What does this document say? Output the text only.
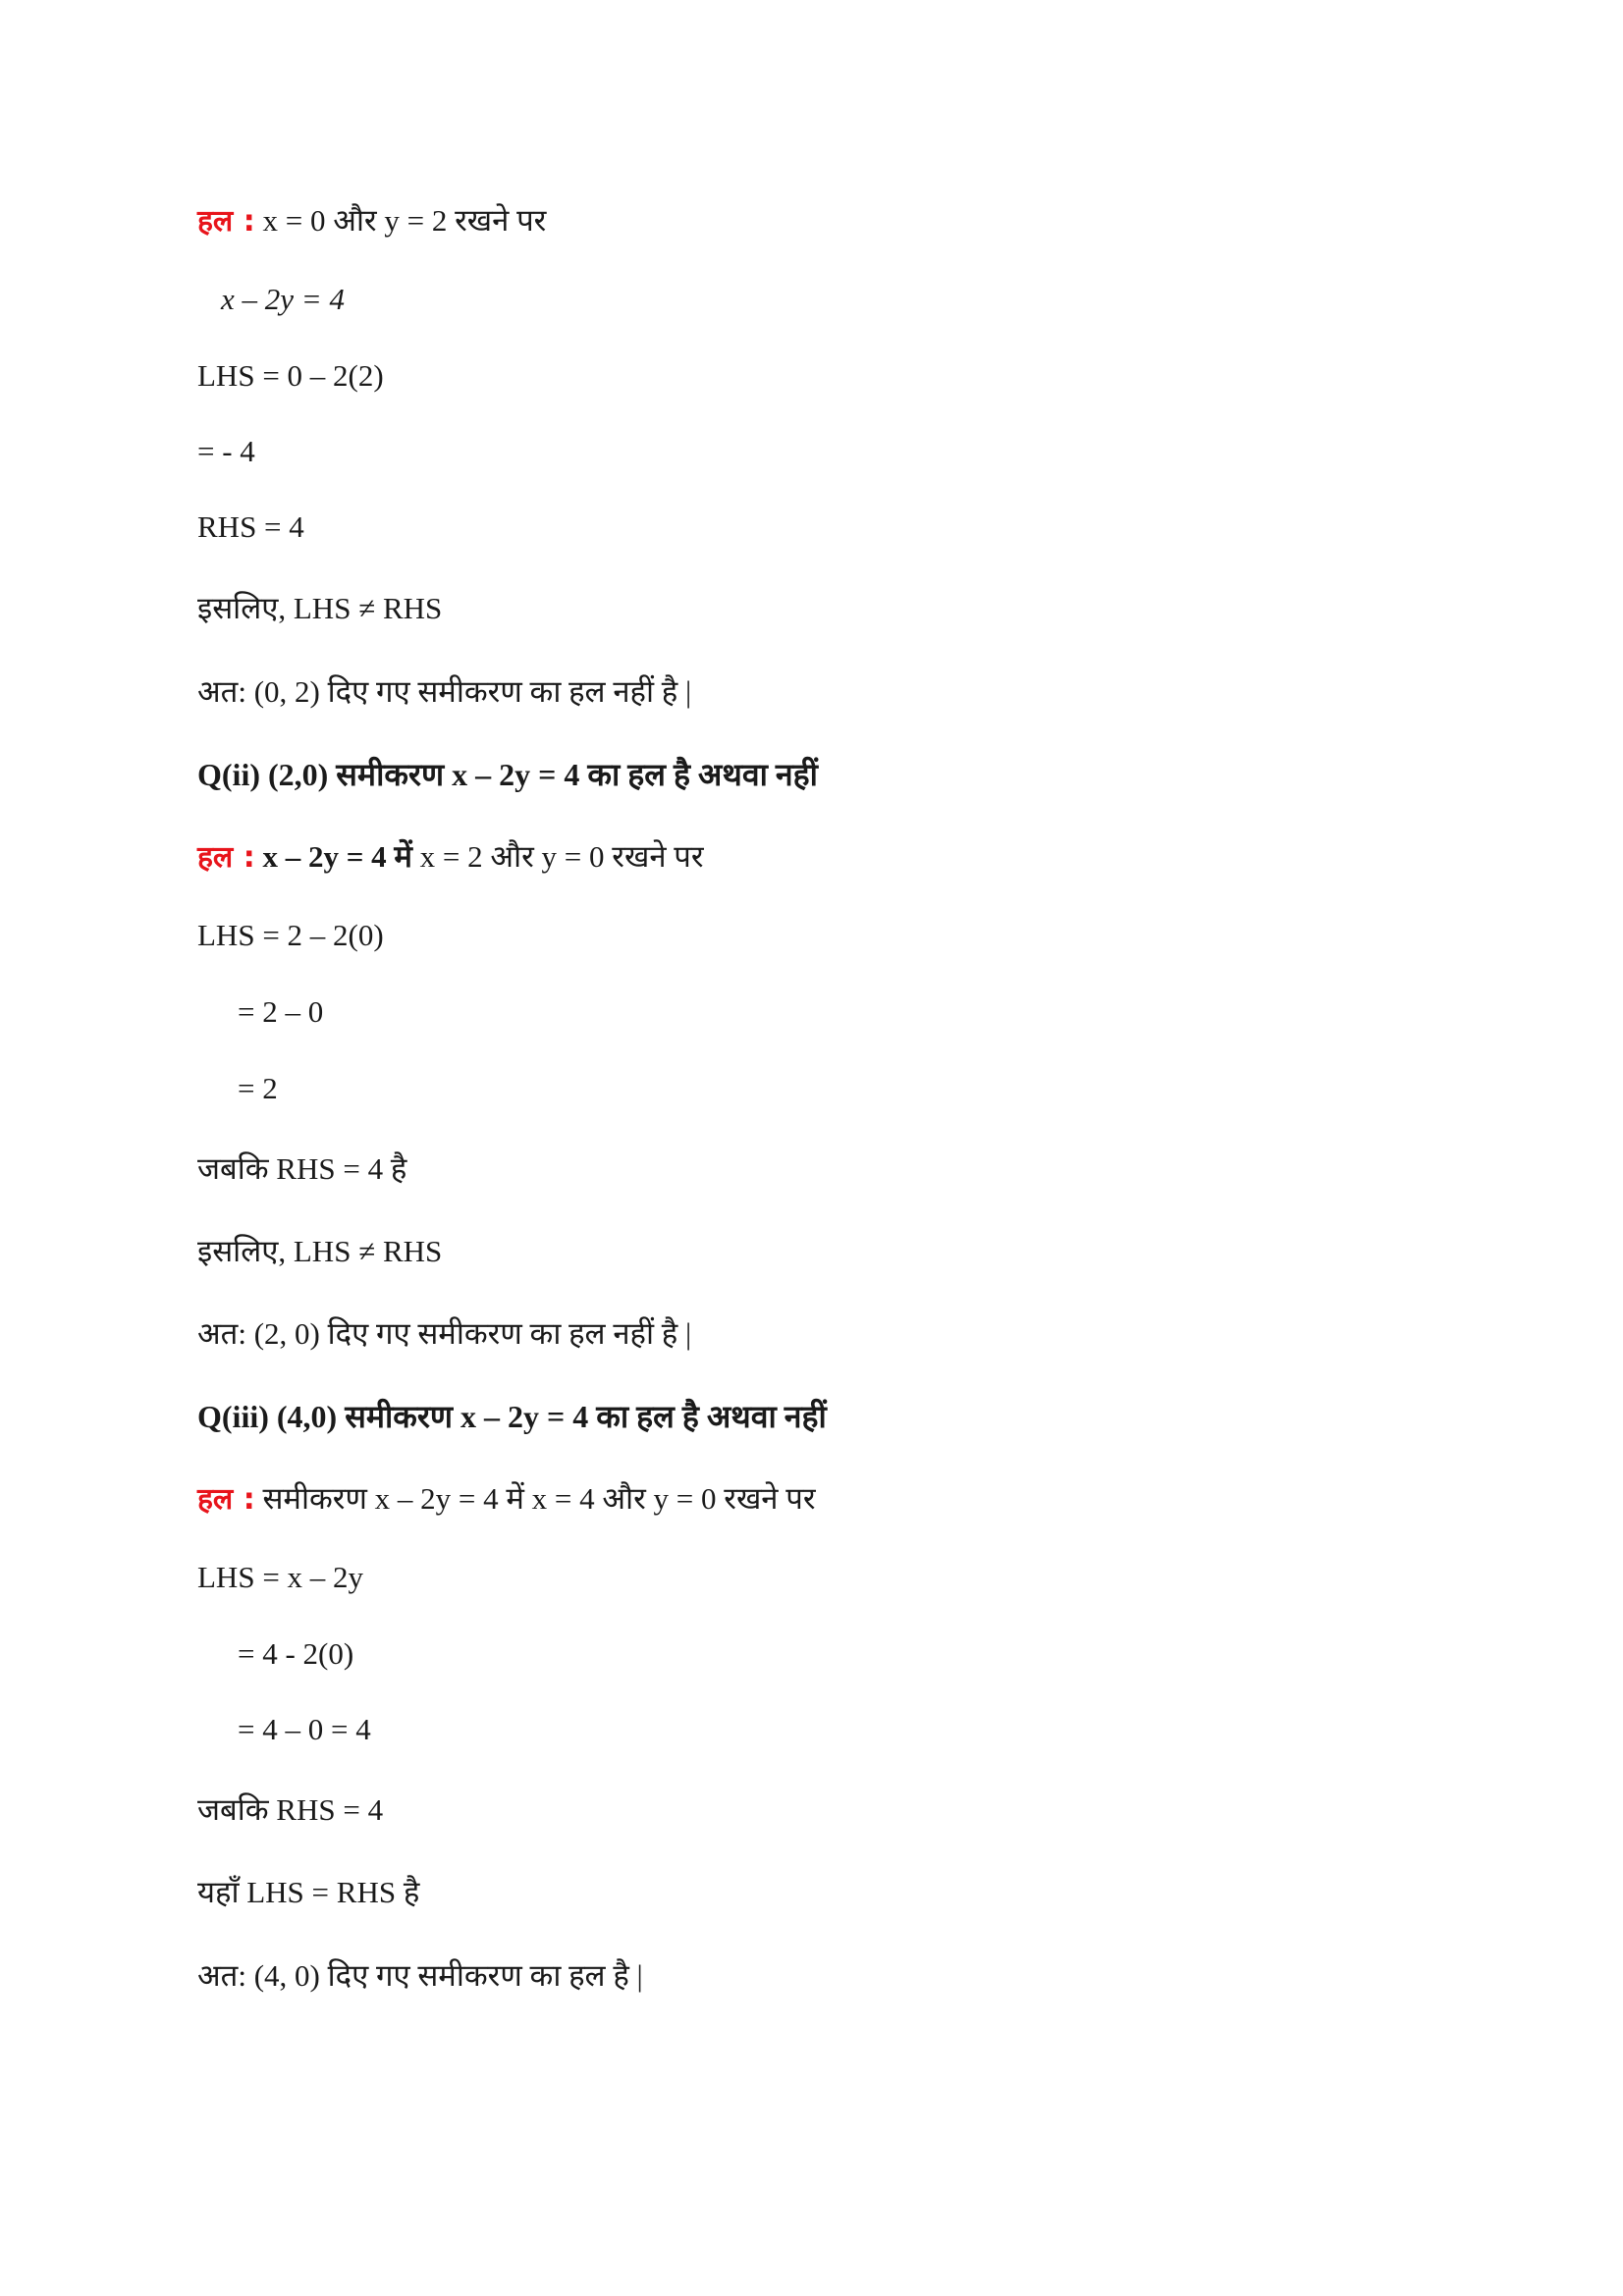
हल : x = 0 और y = 2 रखने पर
x – 2y = 4
LHS = 0 – 2(2)
= - 4
RHS = 4
इसलिए, LHS ≠ RHS
अत: (0, 2) दिए गए समीकरण का हल नहीं है |
Q(ii) (2,0) समीकरण x – 2y = 4 का हल है अथवा नहीं
हल : x – 2y = 4 में x = 2 और y = 0 रखने पर
LHS = 2 – 2(0)
= 2 – 0
= 2
जबकि RHS = 4 है
इसलिए, LHS ≠ RHS
अत: (2, 0) दिए गए समीकरण का हल नहीं है |
Q(iii) (4,0) समीकरण x – 2y = 4 का हल है अथवा नहीं
हल : समीकरण x – 2y = 4 में x = 4 और y = 0 रखने पर
LHS = x – 2y
= 4 - 2(0)
= 4 – 0 = 4
जबकि RHS = 4
यहाँ LHS = RHS है
अत: (4, 0) दिए गए समीकरण का हल है |
